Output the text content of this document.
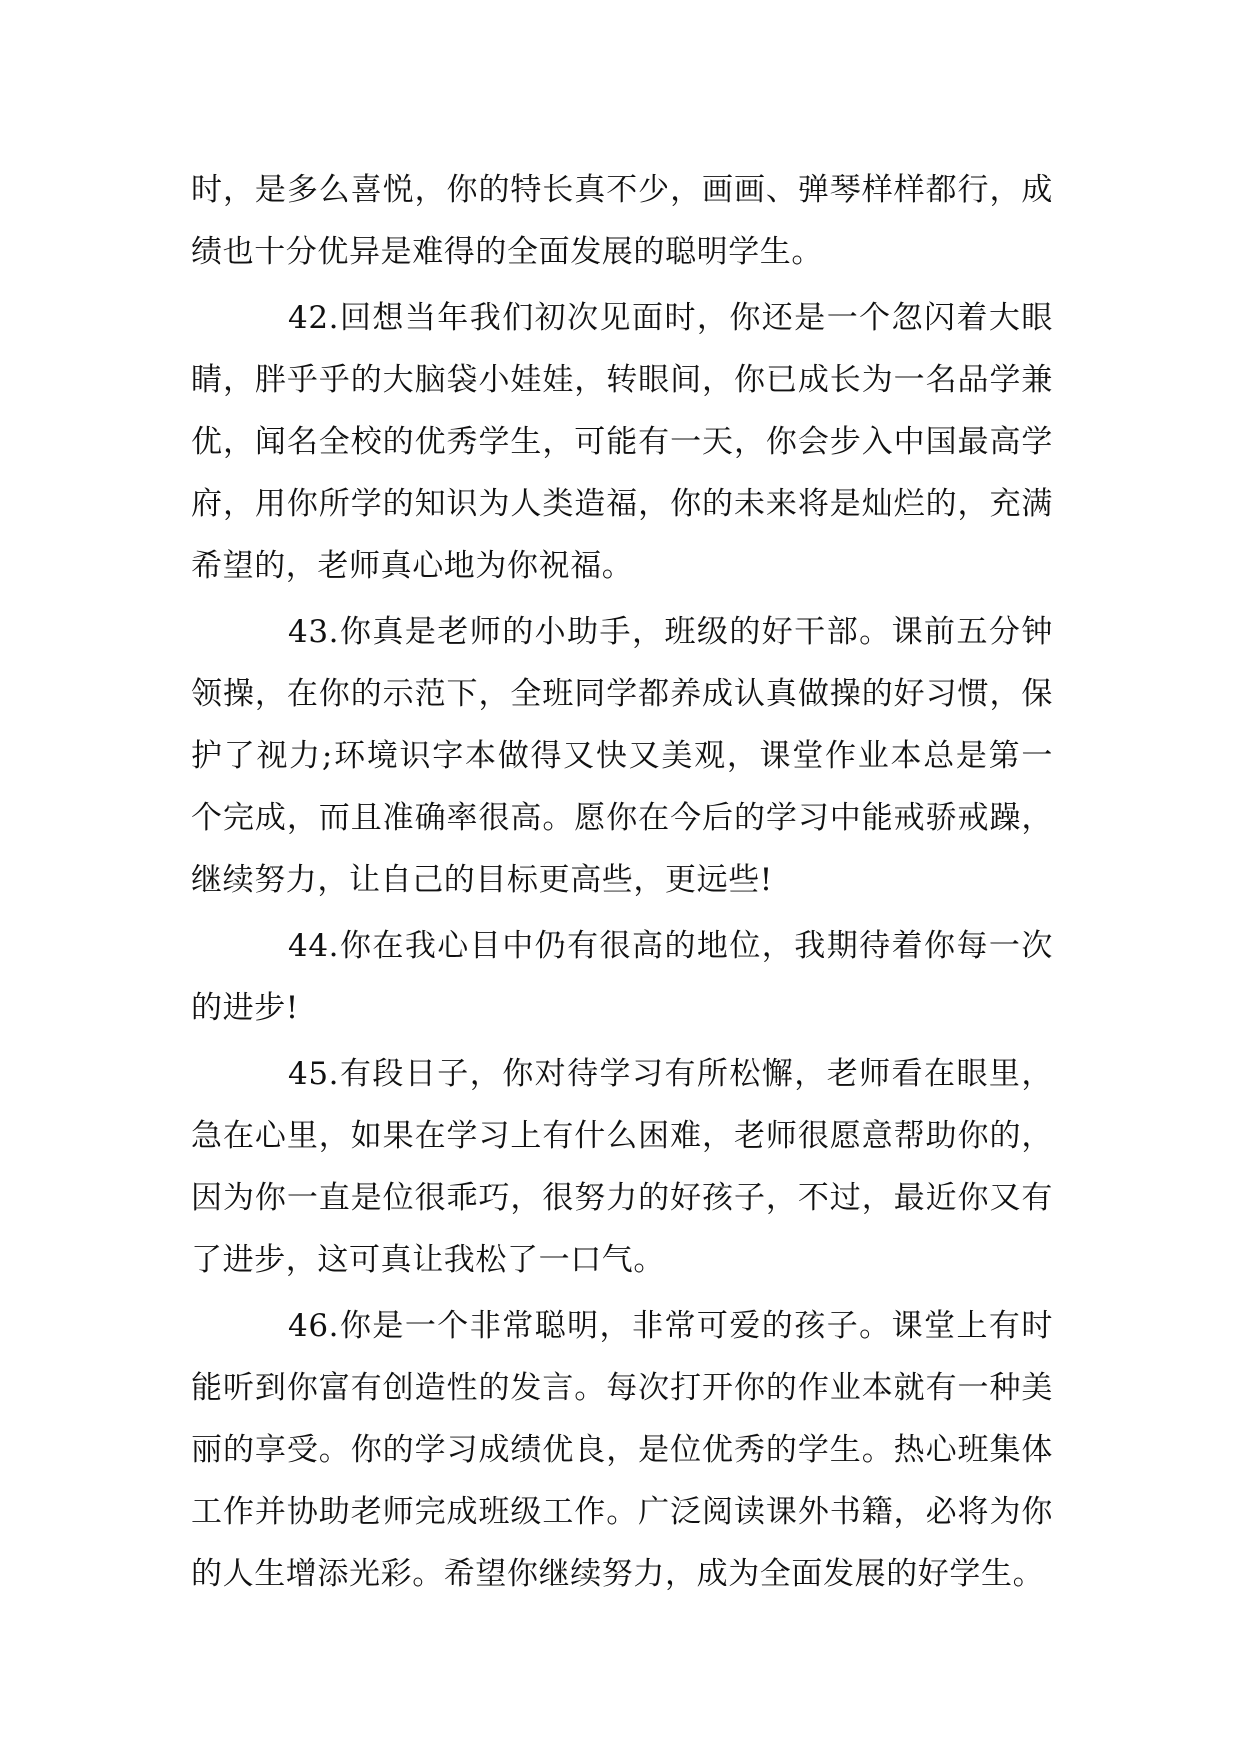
时，是多么喜悦，你的特长真不少，画画、弹琴样样都行，成绩也十分优异是难得的全面发展的聪明学生。

42.回想当年我们初次见面时，你还是一个忽闪着大眼睛，胖乎乎的大脑袋小娃娃，转眼间，你已成长为一名品学兼优，闻名全校的优秀学生，可能有一天，你会步入中国最高学府，用你所学的知识为人类造福，你的未来将是灿烂的，充满希望的，老师真心地为你祝福。

43.你真是老师的小助手，班级的好干部。课前五分钟领操，在你的示范下，全班同学都养成认真做操的好习惯，保护了视力;环境识字本做得又快又美观，课堂作业本总是第一个完成，而且准确率很高。愿你在今后的学习中能戒骄戒躁，继续努力，让自己的目标更高些，更远些!

44.你在我心目中仍有很高的地位，我期待着你每一次的进步!

45.有段日子，你对待学习有所松懈，老师看在眼里，急在心里，如果在学习上有什么困难，老师很愿意帮助你的，因为你一直是位很乖巧，很努力的好孩子，不过，最近你又有了进步，这可真让我松了一口气。

46.你是一个非常聪明，非常可爱的孩子。课堂上有时能听到你富有创造性的发言。每次打开你的作业本就有一种美丽的享受。你的学习成绩优良，是位优秀的学生。热心班集体工作并协助老师完成班级工作。广泛阅读课外书籍，必将为你的人生增添光彩。希望你继续努力，成为全面发展的好学生。
